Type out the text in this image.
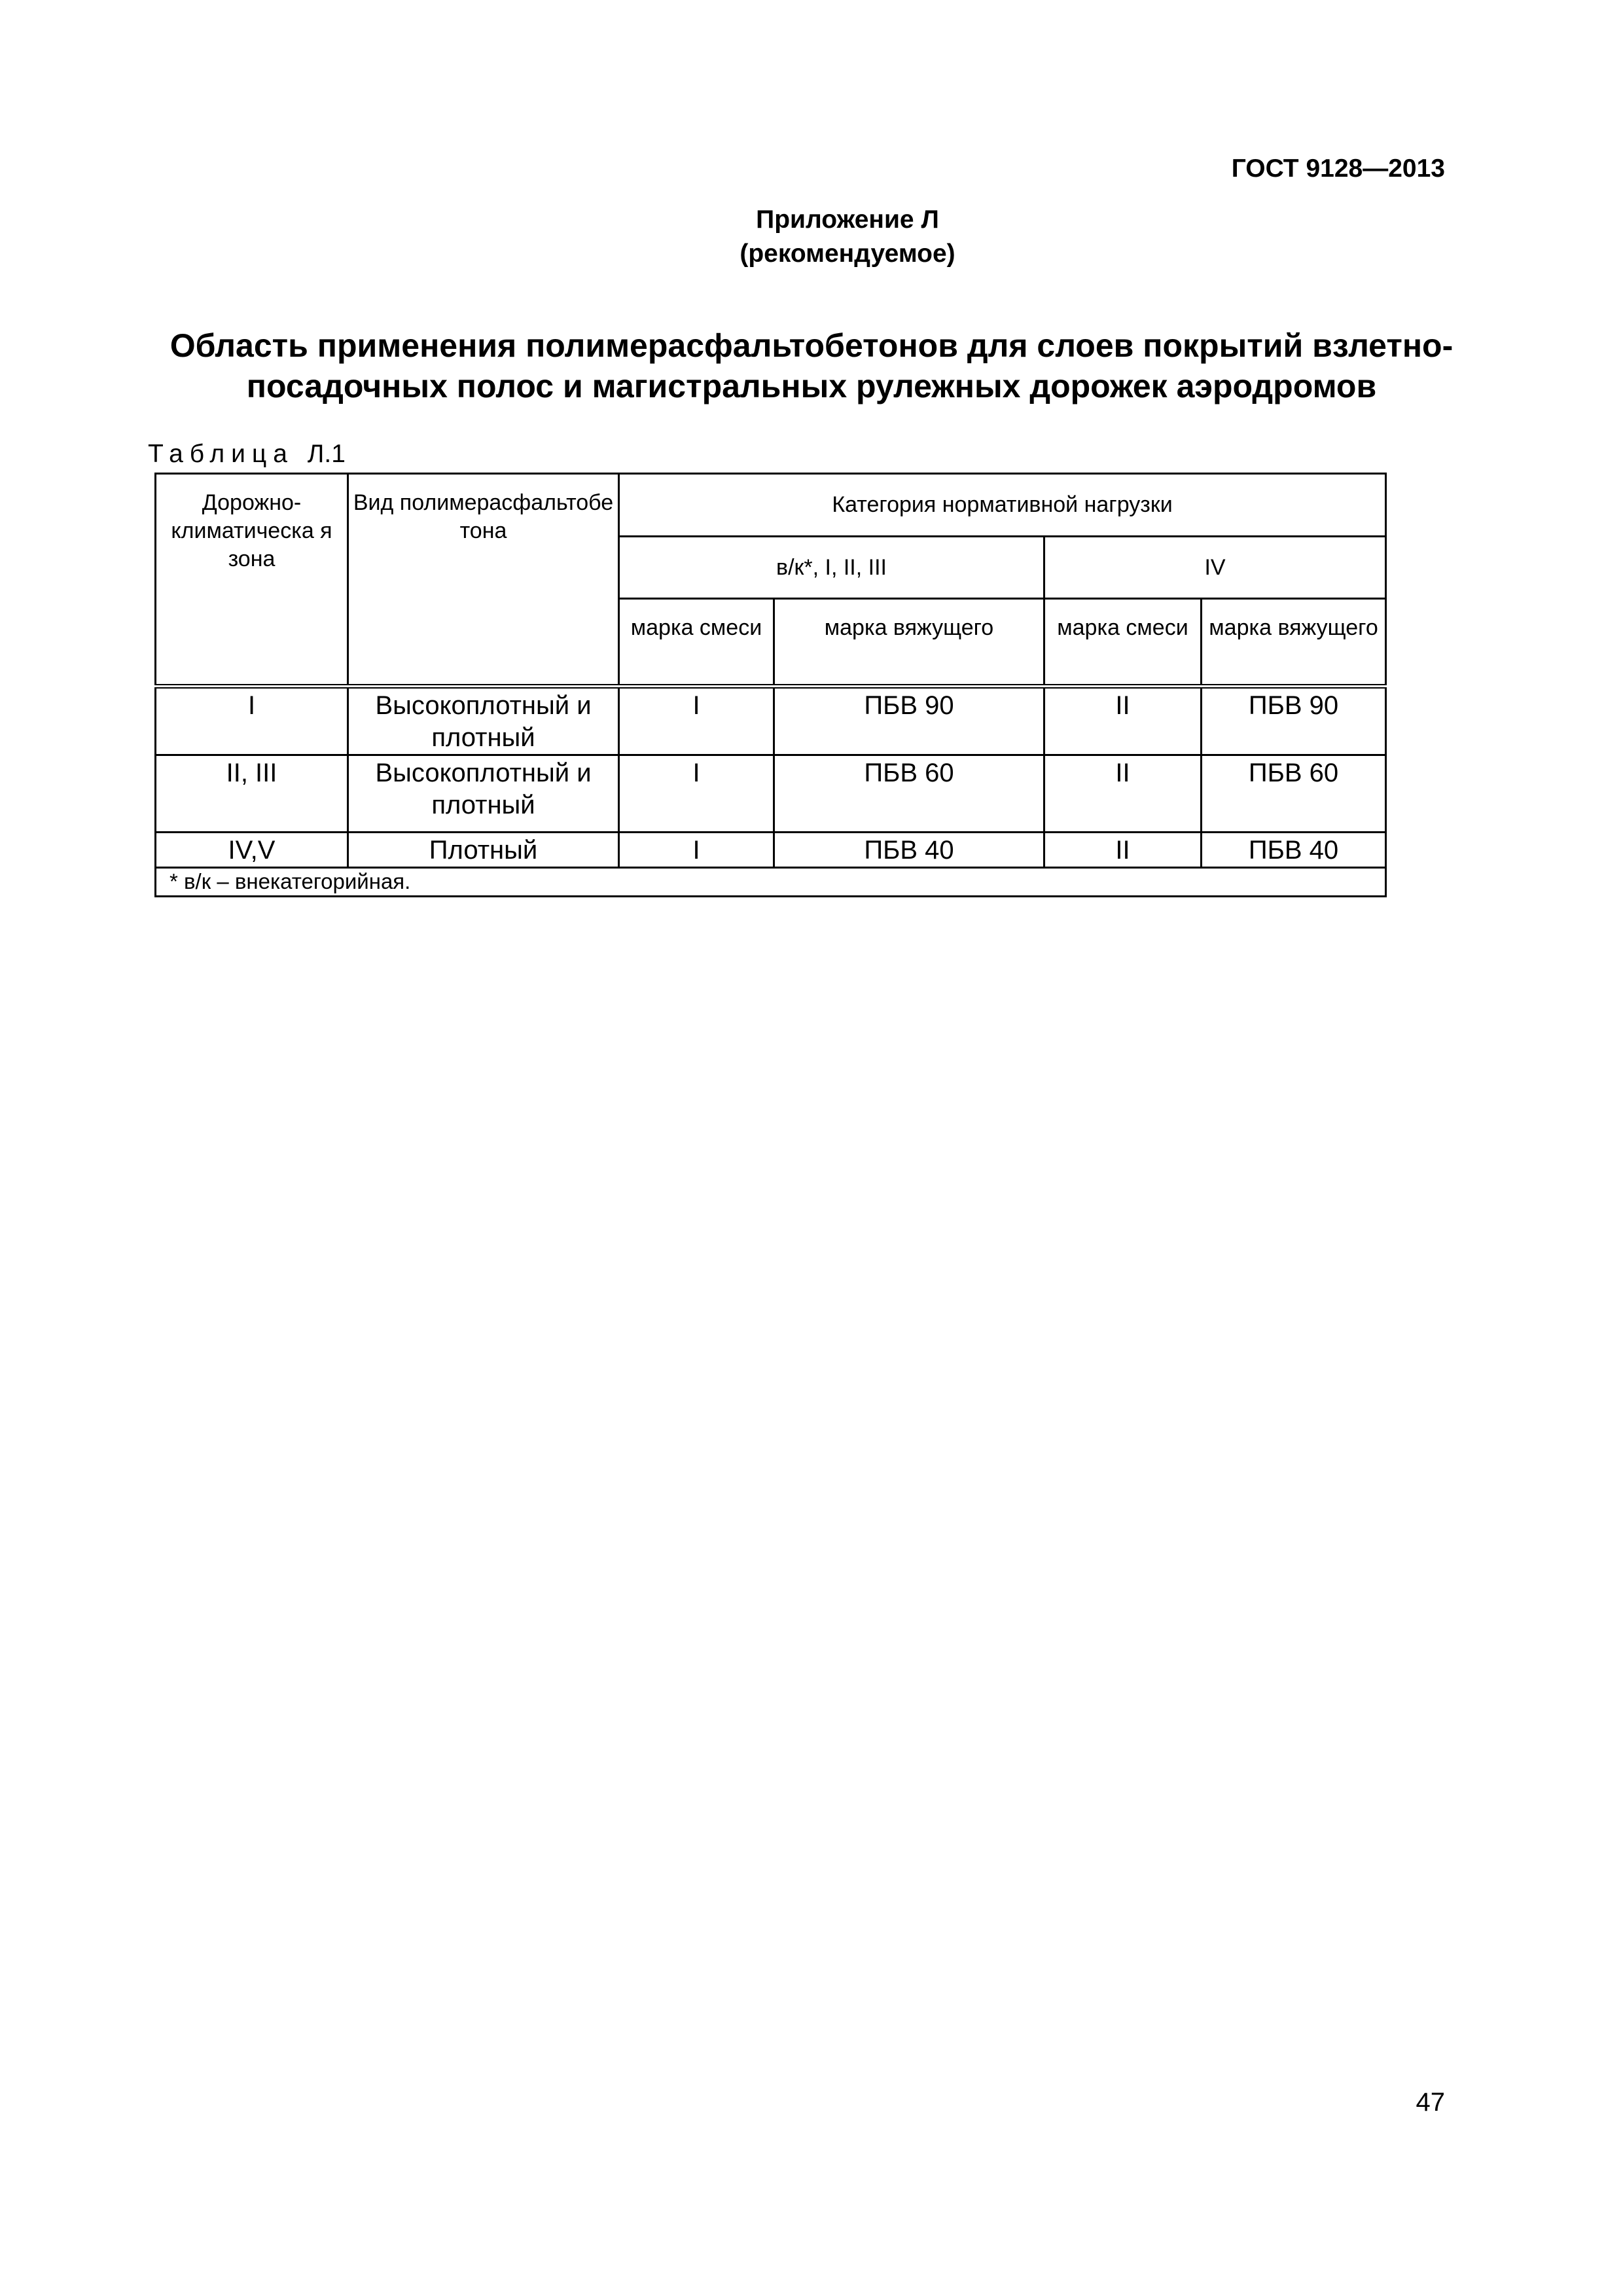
ГОСТ 9128—2013

Приложение Л
(рекомендуемое)
Область применения полимерасфальтобетонов для слоев покрытий взлетно-
посадочных полос и магистральных рулежных дорожек аэродромов

Таблица Л.1

Дорожно-климатическа я зона	Вид полимерасфальтобе тона	Категория нормативной нагрузки			
		в/к*, I, II, III		IV	
		марка смеси	марка вяжущего	марка смеси	марка вяжущего
I	Высокоплотный и плотный	I	ПБВ 90	II	ПБВ 90
II, III	Высокоплотный и плотный	I	ПБВ 60	II	ПБВ 60
IV,V	Плотный	I	ПБВ 40	II	ПБВ 40
* в/к – внекатегорийная.					

47
